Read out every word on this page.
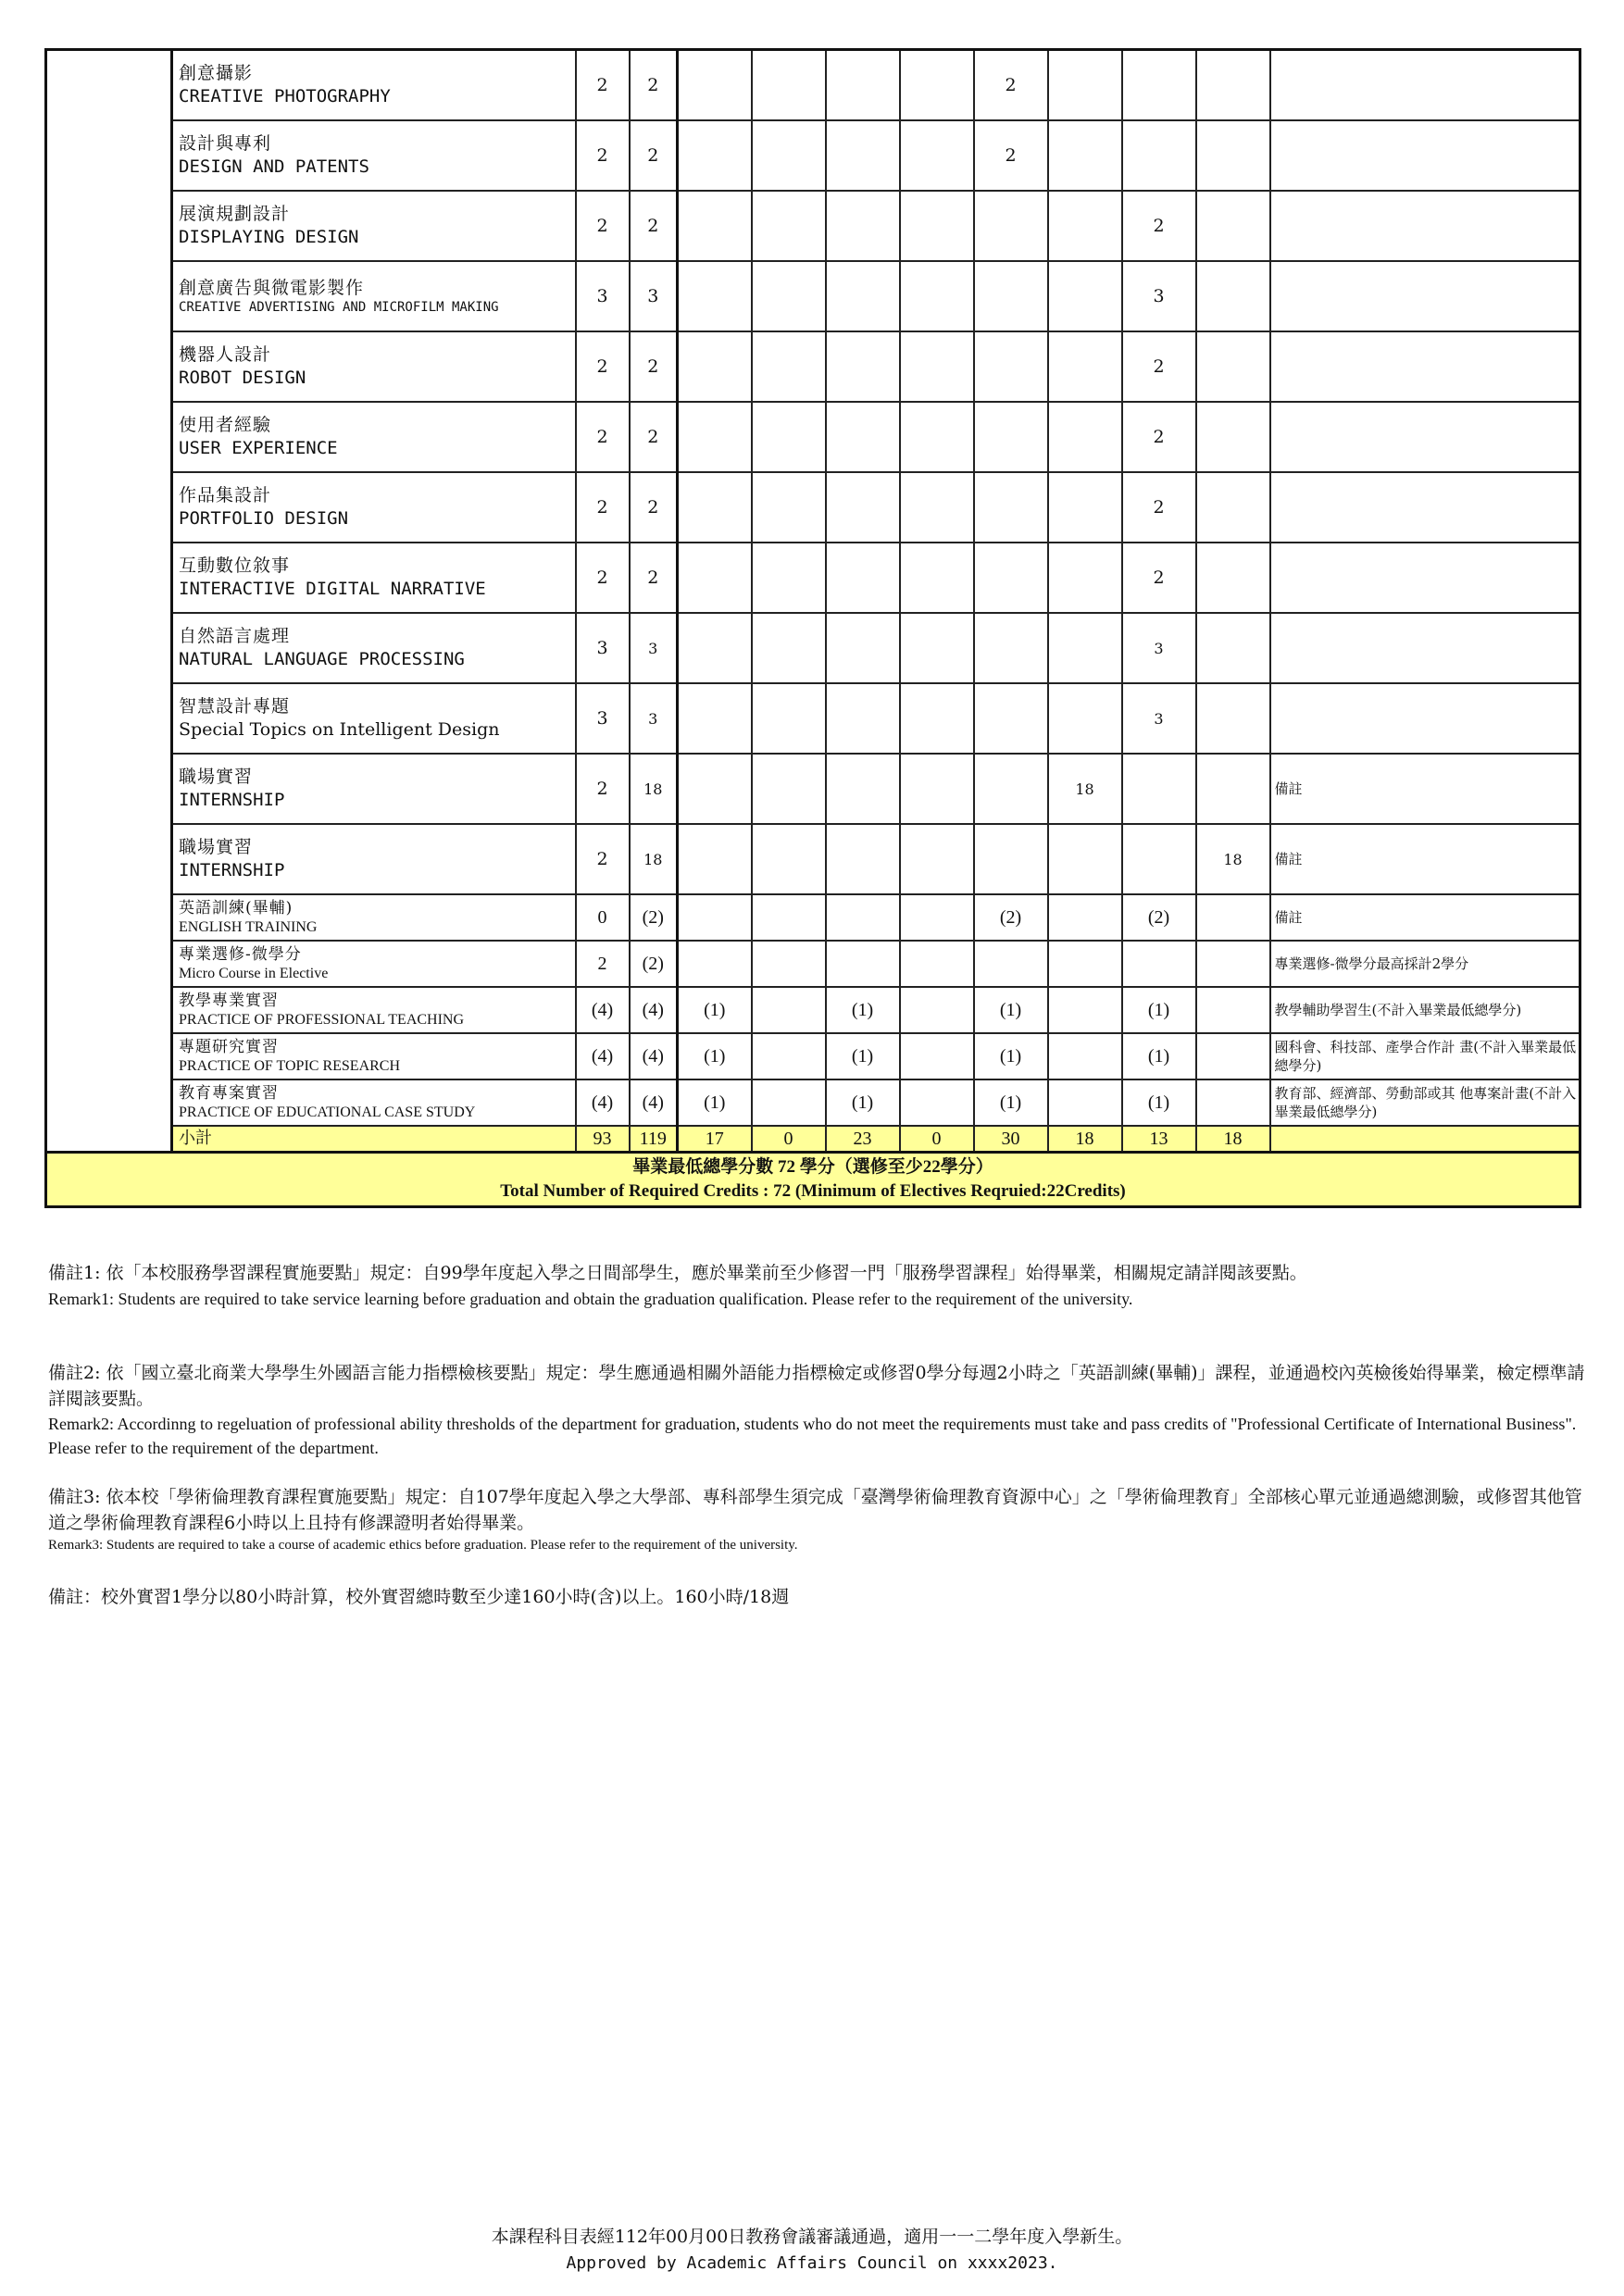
	創意攝影
CREATIVE PHOTOGRAPHY	2	2					2				

	設計與專利
DESIGN AND PATENTS	2	2					2				

	展演規劃設計
DISPLAYING DESIGN	2	2							2		

	創意廣告與微電影製作
CREATIVE ADVERTISING AND MICROFILM MAKING	3	3							3		

	機器人設計
ROBOT DESIGN	2	2							2		

	使用者經驗
USER EXPERIENCE	2	2							2		

	作品集設計
PORTFOLIO DESIGN	2	2							2		

	互動數位敘事
INTERACTIVE DIGITAL NARRATIVE	2	2							2		

	自然語言處理
NATURAL LANGUAGE PROCESSING	3	3							3		

	智慧設計專題
Special Topics on Intelligent Design	3	3							3		

	職場實習
INTERNSHIP	2	18						18			備註

	職場實習
INTERNSHIP	2	18								18	備註

	英語訓練(畢輔)
ENGLISH TRAINING	0	(2)					(2)		(2)		備註

	專業選修-微學分
Micro Course in Elective	2	(2)									專業選修-微學分最高採計2學分

	教學專業實習
PRACTICE OF PROFESSIONAL TEACHING	(4)	(4)	(1)		(1)		(1)		(1)		教學輔助學習生(不計入畢業最低總學分)

	專題研究實習
PRACTICE OF TOPIC RESEARCH	(4)	(4)	(1)		(1)		(1)		(1)		國科會、科技部、產學合作計 畫(不計入畢業最低總學分)

	教育專案實習
PRACTICE OF EDUCATIONAL CASE STUDY	(4)	(4)	(1)		(1)		(1)		(1)		教育部、經濟部、勞動部或其 他專案計畫(不計入畢業最低總學分)
	小計	93	119	17	0	23	0	30	18	13	18	

畢業最低總學分數 72 學分（選修至少22學分）
Total Number of Required Credits : 72 (Minimum of Electives Reqruied:22Credits)												
備註1: 依「本校服務學習課程實施要點」規定：自99學年度起入學之日間部學生，應於畢業前至少修習一門「服務學習課程」始得畢業，相關規定請詳閱該要點。
Remark1: Students are required to take service learning before graduation and obtain the graduation qualification. Please refer to the requirement of the university.
備註2: 依「國立臺北商業大學學生外國語言能力指標檢核要點」規定：學生應通過相關外語能力指標檢定或修習0學分每週2小時之「英語訓練(畢輔)」課程，並通過校內英檢後始得畢業，檢定標準請詳閱該要點。
Remark2: Accordinng to regeluation of professional ability thresholds of the department for graduation, students who do not meet the requirements must take and pass credits of "Professional Certificate of International Business". Please refer to the requirement of the department.
備註3: 依本校「學術倫理教育課程實施要點」規定：自107學年度起入學之大學部、專科部學生須完成「臺灣學術倫理教育資源中心」之「學術倫理教育」全部核心單元並通過總測驗，或修習其他管道之學術倫理教育課程6小時以上且持有修課證明者始得畢業。
Remark3: Students are required to take a course of academic ethics before graduation. Please refer to the requirement of the university.
備註：校外實習1學分以80小時計算，校外實習總時數至少達160小時(含)以上。160小時/18週
本課程科目表經112年00月00日教務會議審議通過，適用一一二學年度入學新生。
Approved by Academic Affairs Council on xxxx2023.
